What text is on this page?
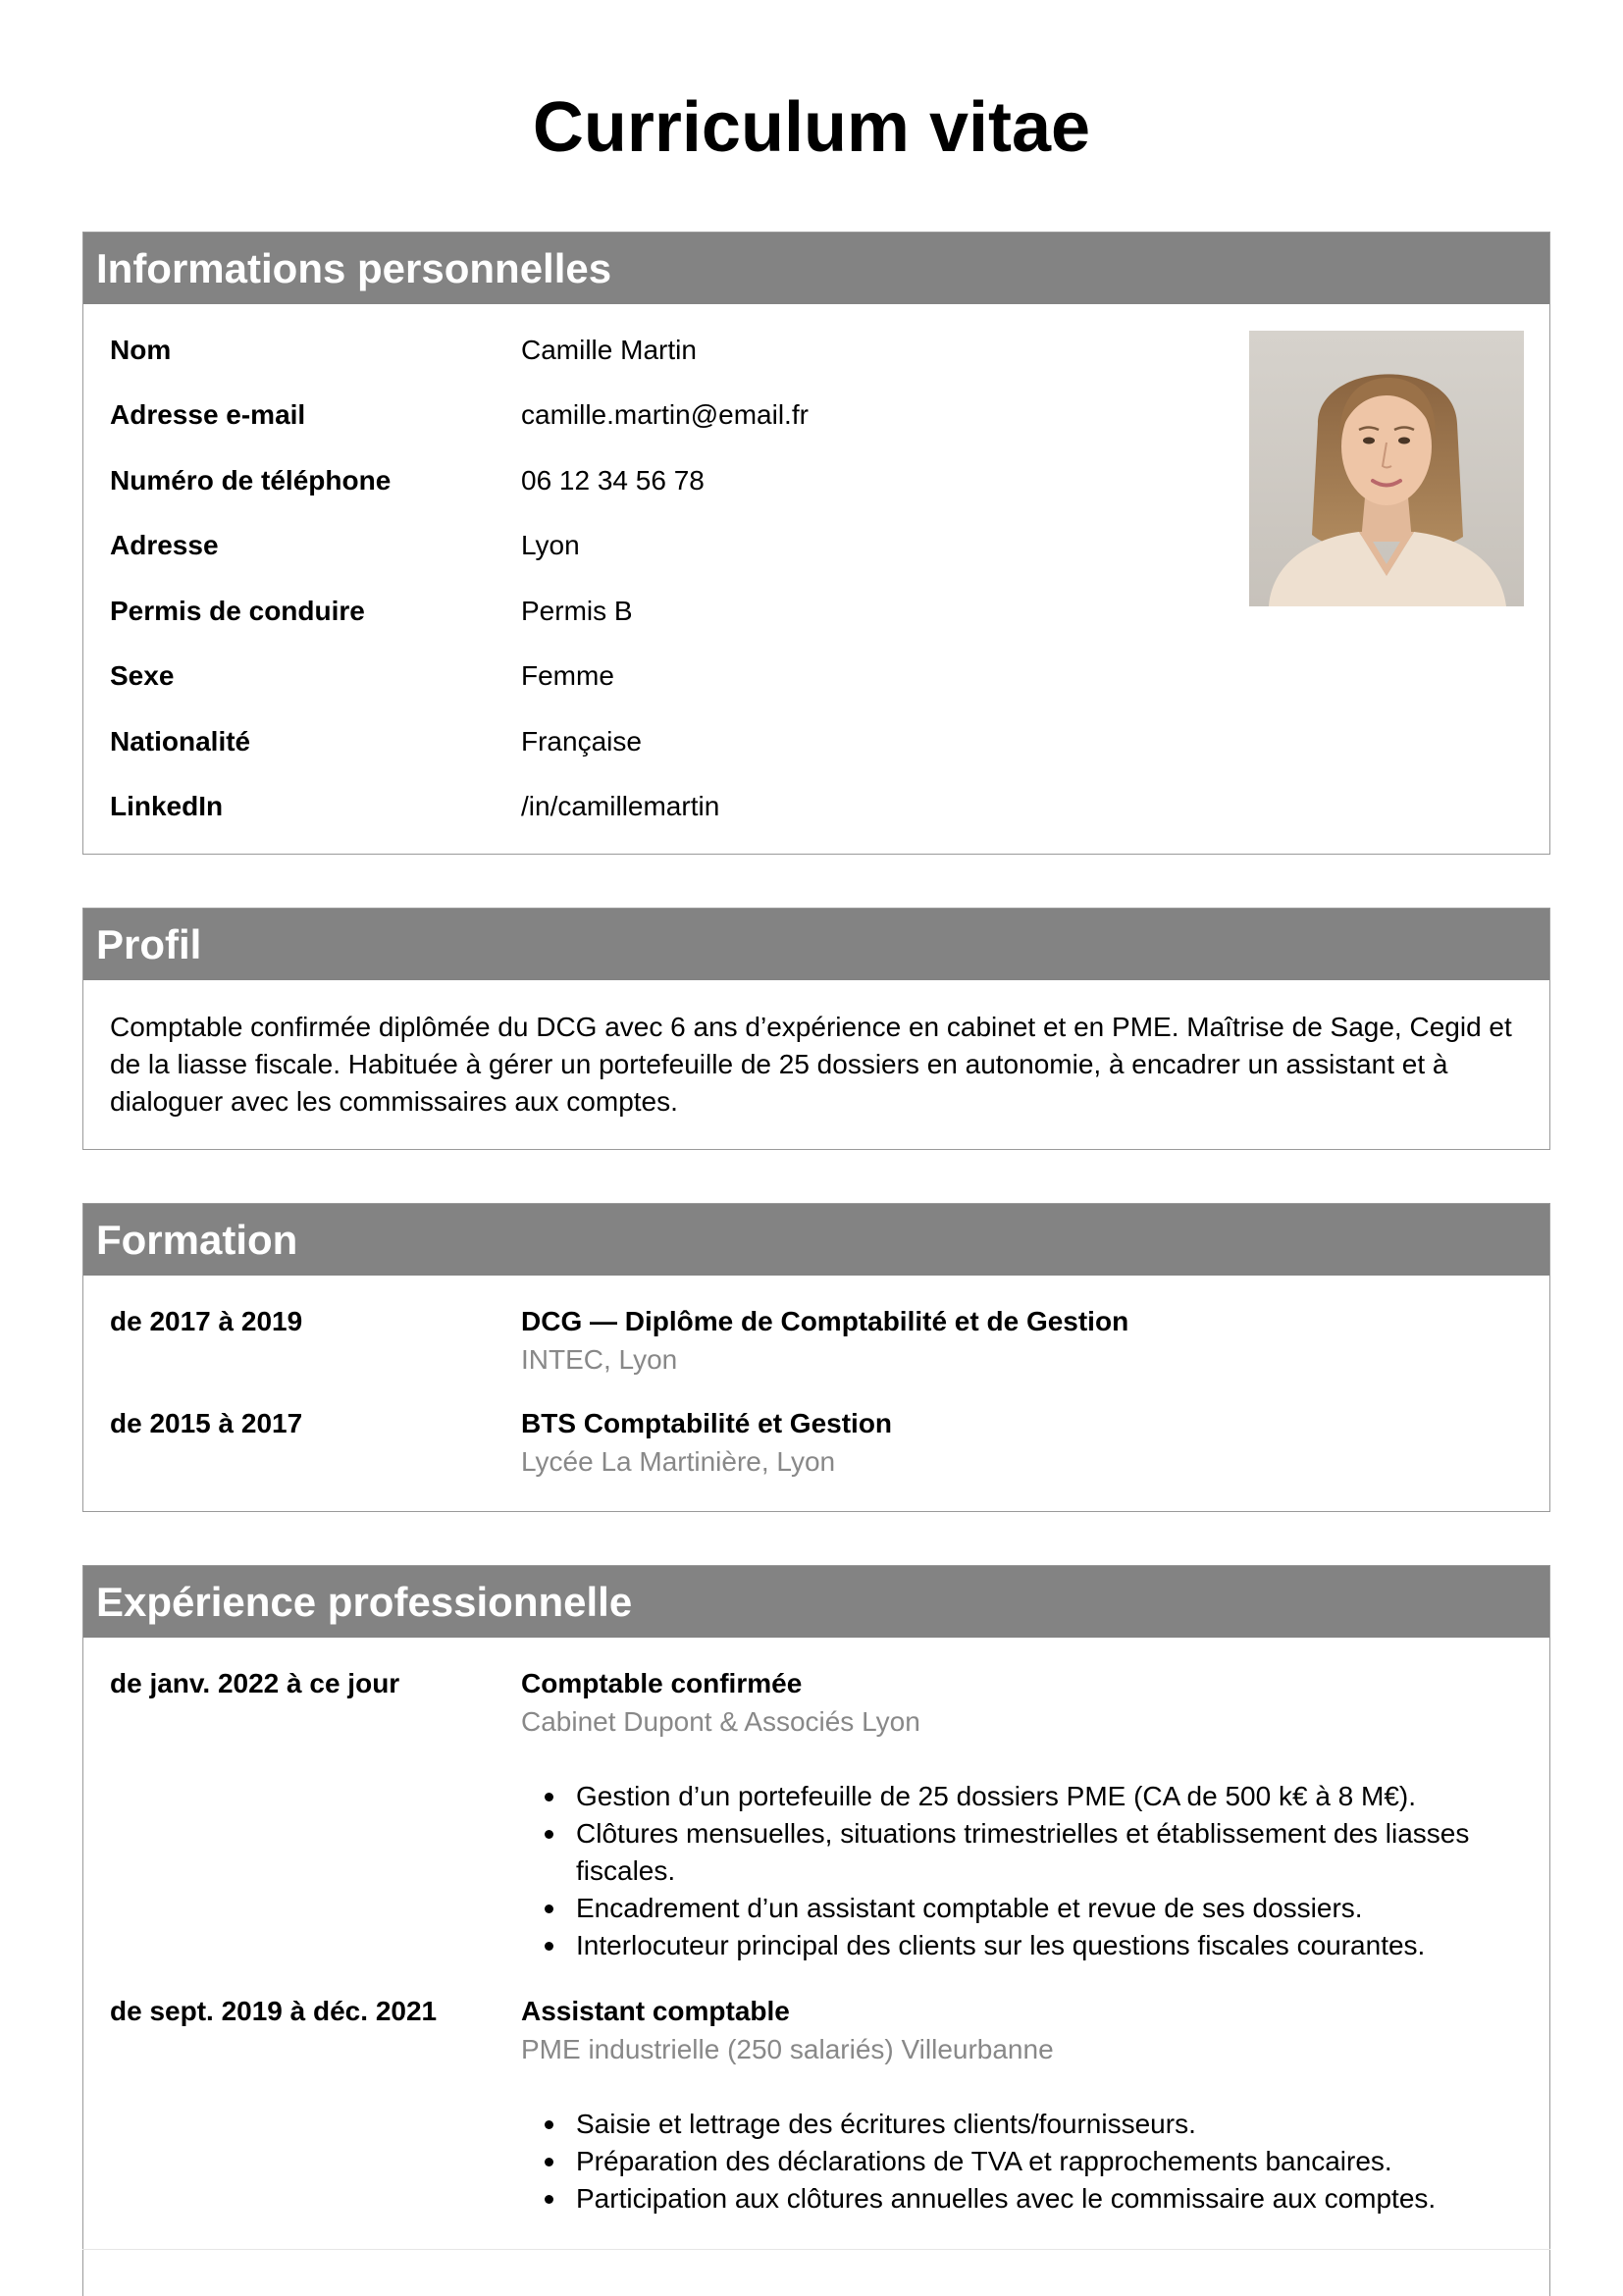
Curriculum vitae
Informations personnelles
Nom	Camille Martin
Adresse e-mail	camille.martin@email.fr
Numéro de téléphone	06 12 34 56 78
Adresse	Lyon
Permis de conduire	Permis B
Sexe	Femme
Nationalité	Française
LinkedIn	/in/camillemartin
Profil
Comptable confirmée diplômée du DCG avec 6 ans d’expérience en cabinet et en PME. Maîtrise de Sage, Cegid et
de la liasse fiscale. Habituée à gérer un portefeuille de 25 dossiers en autonomie, à encadrer un assistant et à
dialoguer avec les commissaires aux comptes.
Formation
de 2017 à 2019	DCG — Diplôme de Comptabilité et de Gestion
INTEC, Lyon
de 2015 à 2017	BTS Comptabilité et Gestion
Lycée La Martinière, Lyon
Expérience professionnelle
de janv. 2022 à ce jour	Comptable confirmée
Cabinet Dupont & Associés Lyon
Gestion d’un portefeuille de 25 dossiers PME (CA de 500 k€ à 8 M€).
Clôtures mensuelles, situations trimestrielles et établissement des liasses fiscales.
Encadrement d’un assistant comptable et revue de ses dossiers.
Interlocuteur principal des clients sur les questions fiscales courantes.
de sept. 2019 à déc. 2021	Assistant comptable
PME industrielle (250 salariés) Villeurbanne
Saisie et lettrage des écritures clients/fournisseurs.
Préparation des déclarations de TVA et rapprochements bancaires.
Participation aux clôtures annuelles avec le commissaire aux comptes.
